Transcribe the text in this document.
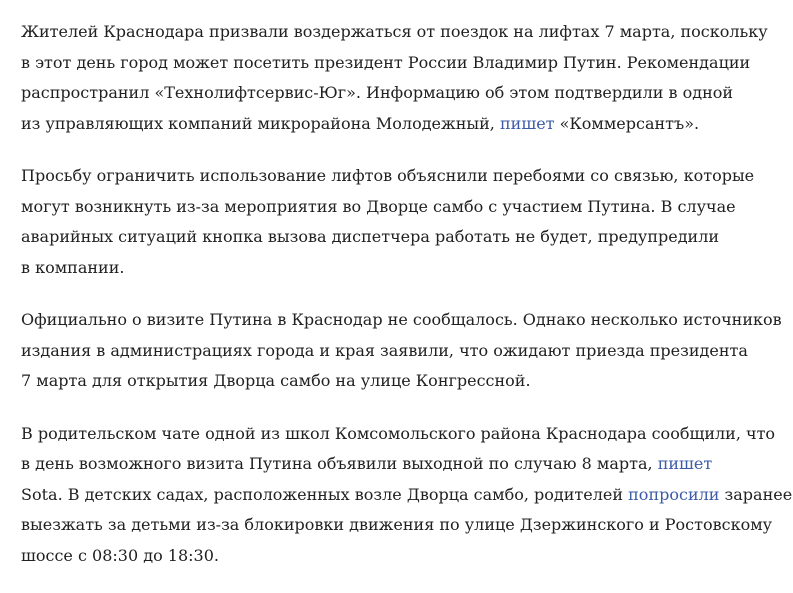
Жителей Краснодара призвали воздержаться от поездок на лифтах 7 марта, поскольку
в этот день город может посетить президент России Владимир Путин. Рекомендации
распространил «Технолифтсервис-Юг». Информацию об этом подтвердили в одной
из управляющих компаний микрорайона Молодежный, пишет «Коммерсантъ».

Просьбу ограничить использование лифтов объяснили перебоями со связью, которые
могут возникнуть из-за мероприятия во Дворце самбо с участием Путина. В случае
аварийных ситуаций кнопка вызова диспетчера работать не будет, предупредили
в компании.

Официально о визите Путина в Краснодар не сообщалось. Однако несколько источников
издания в администрациях города и края заявили, что ожидают приезда президента
7 марта для открытия Дворца самбо на улице Конгрессной.

В родительском чате одной из школ Комсомольского района Краснодара сообщили, что
в день возможного визита Путина объявили выходной по случаю 8 марта, пишет
Sota. В детских садах, расположенных возле Дворца самбо, родителей попросили заранее
выезжать за детьми из-за блокировки движения по улице Дзержинского и Ростовскому
шоссе с 08:30 до 18:30.
